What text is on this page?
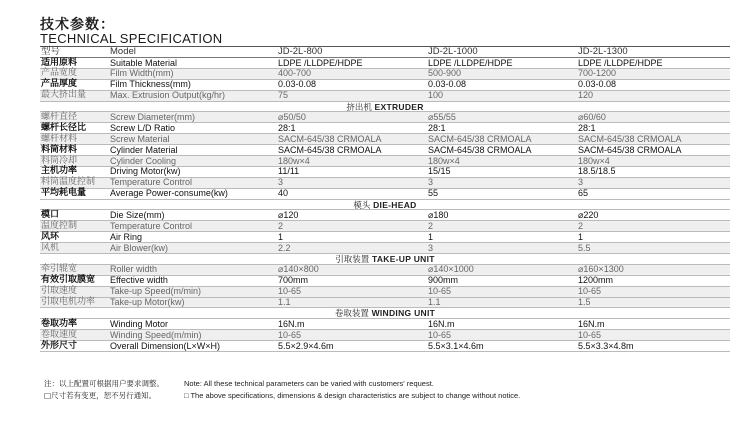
技术参数：
TECHNICAL SPECIFICATION
型号	Model	JD-2L-800	JD-2L-1000	JD-2L-1300
适用原料	Suitable Material	LDPE /LLDPE/HDPE	LDPE /LLDPE/HDPE	LDPE /LLDPE/HDPE
产品宽度	Film Width(mm)	400-700	500-900	700-1200
产品厚度	Film Thickness(mm)	0.03-0.08	0.03-0.08	0.03-0.08
最大挤出量	Max. Extrusion Output(kg/hr)	75	100	120
挤出机 EXTRUDER
螺杆直径	Screw Diameter(mm)	⌀50/50	⌀55/55	⌀60/60
螺杆长径比	Screw L/D Ratio	28:1	28:1	28:1
螺杆材料	Screw Material	SACM-645/38 CRMOALA	SACM-645/38 CRMOALA	SACM-645/38 CRMOALA
料筒材料	Cylinder Material	SACM-645/38 CRMOALA	SACM-645/38 CRMOALA	SACM-645/38 CRMOALA
料筒冷却	Cylinder Cooling	180w×4	180w×4	180w×4
主机功率	Driving Motor(kw)	11/11	15/15	18.5/18.5
料筒温度控制	Temperature Control	3	3	3
平均耗电量	Average Power-consume(kw)	40	55	65
模头 DIE-HEAD
模口	Die Size(mm)	⌀120	⌀180	⌀220
温度控制	Temperature Control	2	2	2
风环	Air Ring	1	1	1
风机	Air Blower(kw)	2.2	3	5.5
引取装置 TAKE-UP UNIT
牵引辊宽	Roller width	⌀140×800	⌀140×1000	⌀160×1300
有效引取膜宽	Effective width	700mm	900mm	1200mm
引取速度	Take-up Speed(m/min)	10-65	10-65	10-65
引取电机功率	Take-up Motor(kw)	1.1	1.1	1.5
卷取装置 WINDING UNIT
卷取功率	Winding Motor	16N.m	16N.m	16N.m
卷取速度	Winding Speed(m/min)	10-65	10-65	10-65
外形尺寸	Overall Dimension(L×W×H)	5.5×2.9×4.6m	5.5×3.1×4.6m	5.5×3.3×4.8m
注：以上配置可根据用户要求调整。	Note: All these technical parameters can be varied with customers' request.
□尺寸若有变更，恕不另行通知。	□ The above specifications, dimensions & design characteristics are subject to change without notice.
